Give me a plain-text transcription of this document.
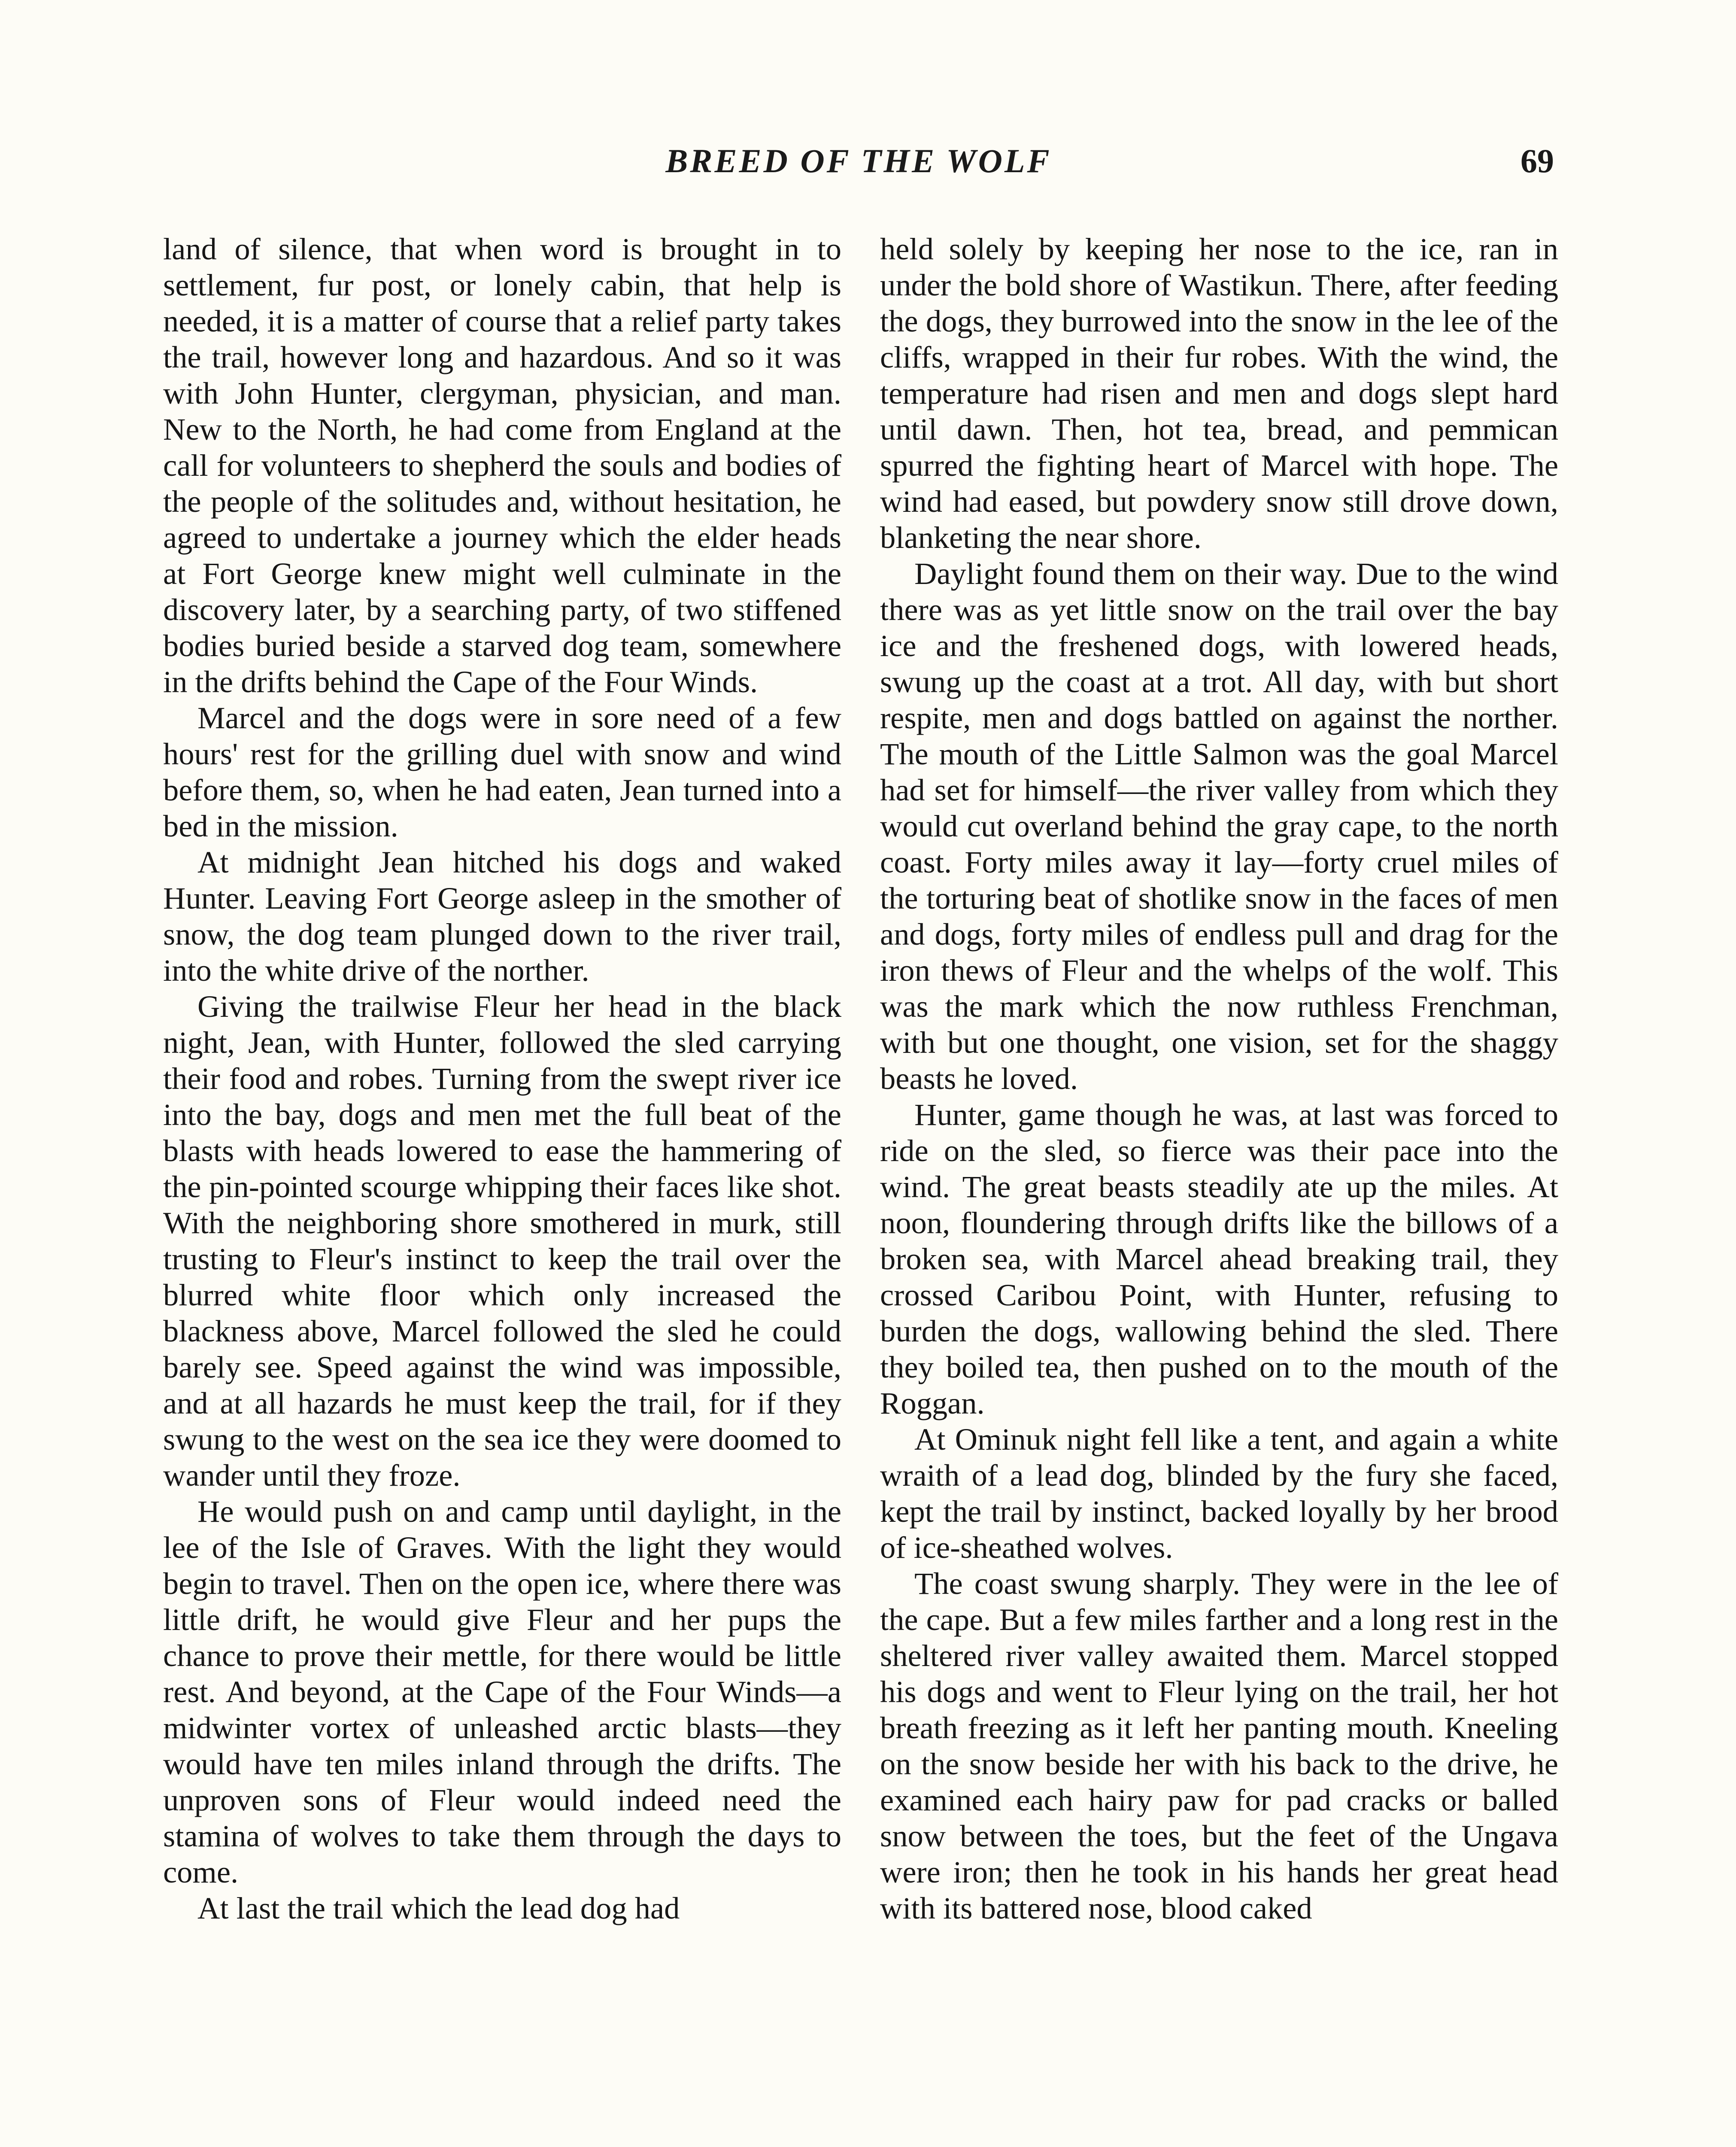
BREED OF THE WOLF	69

land of silence, that when word is brought in to settlement, fur post, or lonely cabin, that help is needed, it is a matter of course that a relief party takes the trail, however long and hazardous. And so it was with John Hunter, clergyman, physician, and man. New to the North, he had come from England at the call for volunteers to shepherd the souls and bodies of the people of the solitudes and, without hesitation, he agreed to undertake a journey which the elder heads at Fort George knew might well culminate in the discovery later, by a searching party, of two stiffened bodies buried beside a starved dog team, somewhere in the drifts behind the Cape of the Four Winds.

Marcel and the dogs were in sore need of a few hours' rest for the grilling duel with snow and wind before them, so, when he had eaten, Jean turned into a bed in the mission.

At midnight Jean hitched his dogs and waked Hunter. Leaving Fort George asleep in the smother of snow, the dog team plunged down to the river trail, into the white drive of the norther.

Giving the trailwise Fleur her head in the black night, Jean, with Hunter, followed the sled carrying their food and robes. Turning from the swept river ice into the bay, dogs and men met the full beat of the blasts with heads lowered to ease the hammering of the pin-pointed scourge whipping their faces like shot. With the neighboring shore smothered in murk, still trusting to Fleur's instinct to keep the trail over the blurred white floor which only increased the blackness above, Marcel followed the sled he could barely see. Speed against the wind was impossible, and at all hazards he must keep the trail, for if they swung to the west on the sea ice they were doomed to wander until they froze.

He would push on and camp until daylight, in the lee of the Isle of Graves. With the light they would begin to travel. Then on the open ice, where there was little drift, he would give Fleur and her pups the chance to prove their mettle, for there would be little rest. And beyond, at the Cape of the Four Winds—a midwinter vortex of unleashed arctic blasts—they would have ten miles inland through the drifts. The unproven sons of Fleur would indeed need the stamina of wolves to take them through the days to come.

At last the trail which the lead dog had

held solely by keeping her nose to the ice, ran in under the bold shore of Wastikun. There, after feeding the dogs, they burrowed into the snow in the lee of the cliffs, wrapped in their fur robes. With the wind, the temperature had risen and men and dogs slept hard until dawn. Then, hot tea, bread, and pemmican spurred the fighting heart of Marcel with hope. The wind had eased, but powdery snow still drove down, blanketing the near shore.

Daylight found them on their way. Due to the wind there was as yet little snow on the trail over the bay ice and the freshened dogs, with lowered heads, swung up the coast at a trot. All day, with but short respite, men and dogs battled on against the norther. The mouth of the Little Salmon was the goal Marcel had set for himself—the river valley from which they would cut overland behind the gray cape, to the north coast. Forty miles away it lay—forty cruel miles of the torturing beat of shotlike snow in the faces of men and dogs, forty miles of endless pull and drag for the iron thews of Fleur and the whelps of the wolf. This was the mark which the now ruthless Frenchman, with but one thought, one vision, set for the shaggy beasts he loved.

Hunter, game though he was, at last was forced to ride on the sled, so fierce was their pace into the wind. The great beasts steadily ate up the miles. At noon, floundering through drifts like the billows of a broken sea, with Marcel ahead breaking trail, they crossed Caribou Point, with Hunter, refusing to burden the dogs, wallowing behind the sled. There they boiled tea, then pushed on to the mouth of the Roggan.

At Ominuk night fell like a tent, and again a white wraith of a lead dog, blinded by the fury she faced, kept the trail by instinct, backed loyally by her brood of ice-sheathed wolves.

The coast swung sharply. They were in the lee of the cape. But a few miles farther and a long rest in the sheltered river valley awaited them. Marcel stopped his dogs and went to Fleur lying on the trail, her hot breath freezing as it left her panting mouth. Kneeling on the snow beside her with his back to the drive, he examined each hairy paw for pad cracks or balled snow between the toes, but the feet of the Ungava were iron; then he took in his hands her great head with its battered nose, blood caked
